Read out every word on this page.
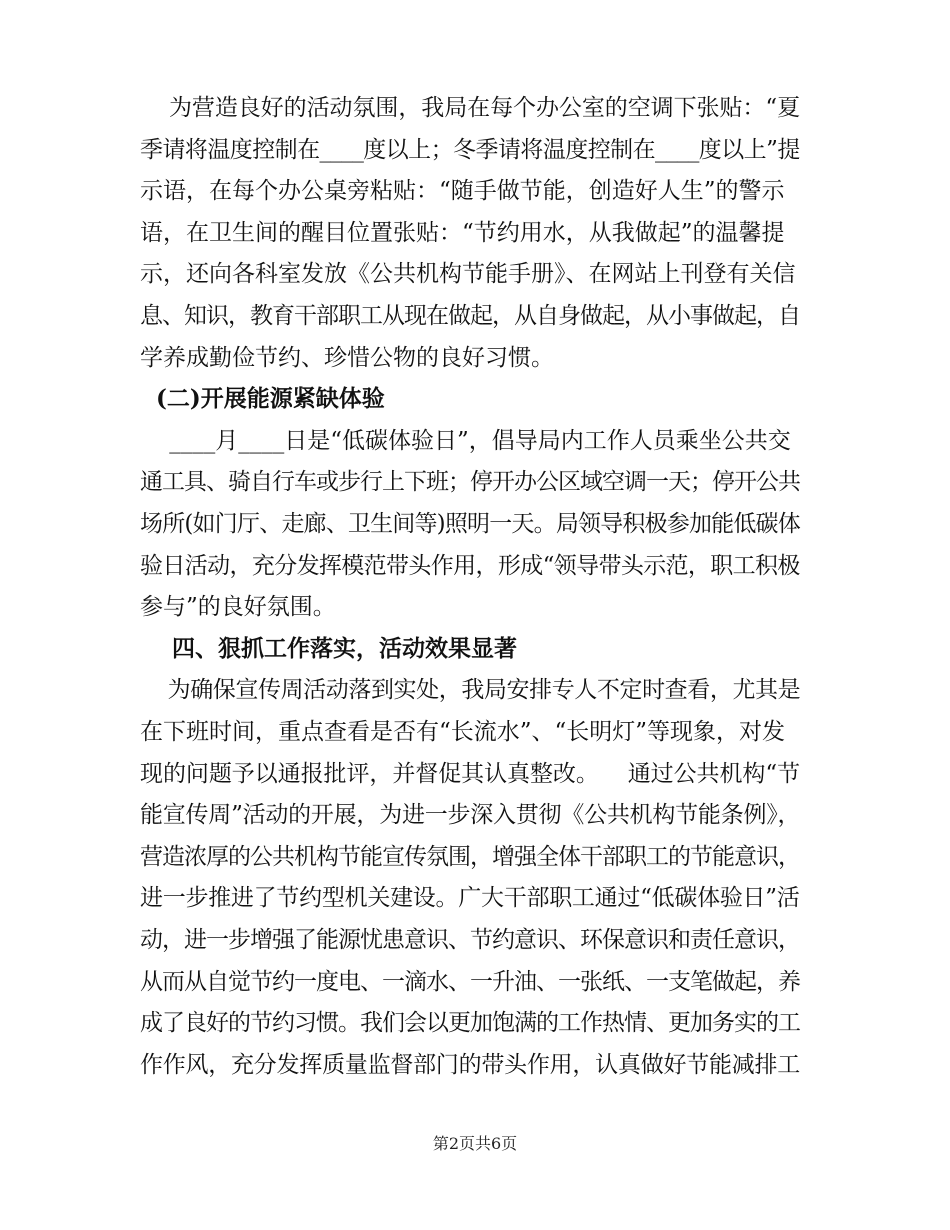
为营造良好的活动氛围，我局在每个办公室的空调下张贴：“夏
季请将温度控制在____度以上；冬季请将温度控制在____度以上”提
示语，在每个办公桌旁粘贴：“随手做节能，创造好人生”的警示
语，在卫生间的醒目位置张贴：“节约用水，从我做起”的温馨提
示，还向各科室发放《公共机构节能手册》、在网站上刊登有关信
息、知识，教育干部职工从现在做起，从自身做起，从小事做起，自
学养成勤俭节约、珍惜公物的良好习惯。
(二)开展能源紧缺体验
____月____日是“低碳体验日”，倡导局内工作人员乘坐公共交
通工具、骑自行车或步行上下班；停开办公区域空调一天；停开公共
场所(如门厅、走廊、卫生间等)照明一天。局领导积极参加能低碳体
验日活动，充分发挥模范带头作用，形成“领导带头示范，职工积极
参与”的良好氛围。
四、狠抓工作落实，活动效果显著
为确保宣传周活动落到实处，我局安排专人不定时查看，尤其是
在下班时间，重点查看是否有“长流水”、“长明灯”等现象，对发
现的问题予以通报批评，并督促其认真整改。    通过公共机构“节
能宣传周”活动的开展，为进一步深入贯彻《公共机构节能条例》，
营造浓厚的公共机构节能宣传氛围，增强全体干部职工的节能意识，
进一步推进了节约型机关建设。广大干部职工通过“低碳体验日”活
动，进一步增强了能源忧患意识、节约意识、环保意识和责任意识，
从而从自觉节约一度电、一滴水、一升油、一张纸、一支笔做起，养
成了良好的节约习惯。我们会以更加饱满的工作热情、更加务实的工
作作风，充分发挥质量监督部门的带头作用，认真做好节能减排工
第2页共6页
